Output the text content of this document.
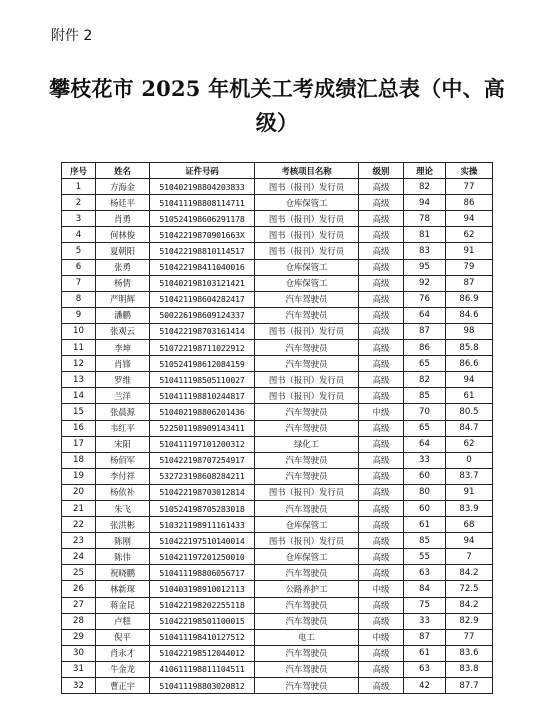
附件 2
攀枝花市 2025 年机关工考成绩汇总表（中、高级）
序号	姓名	证件号码	考核项目名称	级别	理论	实操
1	方海金	510402198804203833	图书（报刊）发行员	高级	82	77
2	杨廷平	510411198808114711	仓库保管工	高级	94	86
3	肖勇	510524198606291178	图书（报刊）发行员	高级	78	94
4	何林俊	51042219870901663X	图书（报刊）发行员	高级	81	62
5	夏朝阳	510422198810114517	图书（报刊）发行员	高级	83	91
6	张勇	510422198411040016	仓库保管工	高级	95	79
7	杨倩	510402198103121421	仓库保管工	高级	92	87
8	严明辉	510421198604282417	汽车驾驶员	高级	76	86.9
9	潘鹏	500226198609124337	汽车驾驶员	高级	64	84.6
10	张观云	510422198703161414	图书（报刊）发行员	高级	87	98
11	李坤	510722198711022912	汽车驾驶员	高级	86	85.8
12	肖锋	510524198612084159	汽车驾驶员	高级	65	86.6
13	罗维	510411198505110027	图书（报刊）发行员	高级	82	94
14	兰洋	510411198810244817	图书（报刊）发行员	高级	85	61
15	张晨源	510402198806201436	汽车驾驶员	中级	70	80.5
16	韦红平	522501198909143411	汽车驾驶员	高级	65	84.7
17	宋阳	510411197101200312	绿化工	高级	64	62
18	杨佰军	510422198707254917	汽车驾驶员	高级	33	0
19	李付祥	532723198608284211	汽车驾驶员	高级	60	83.7
20	杨依补	510422198703012814	图书（报刊）发行员	高级	80	91
21	朱飞	510524198705283018	汽车驾驶员	高级	60	83.9
22	张洪彬	510321198911161433	仓库保管工	高级	61	68
23	陈刚	510422197510140014	图书（报刊）发行员	高级	85	94
24	陈伟	510421197201250010	仓库保管工	高级	55	7
25	祝晓鹏	510411198806056717	汽车驾驶员	高级	63	84.2
26	林新琛	510403198910012113	公路养护工	中级	84	72.5
27	蒋金昆	510422198202255118	汽车驾驶员	高级	75	84.2
28	卢糕	510422198501100015	汽车驾驶员	高级	33	82.9
29	倪平	510411198410127512	电工	中级	87	77
30	肖永才	510422198512044012	汽车驾驶员	高级	61	83.6
31	牛金龙	410611198811104511	汽车驾驶员	高级	63	83.8
32	曹正宇	510411198803020812	汽车驾驶员	高级	42	87.7
